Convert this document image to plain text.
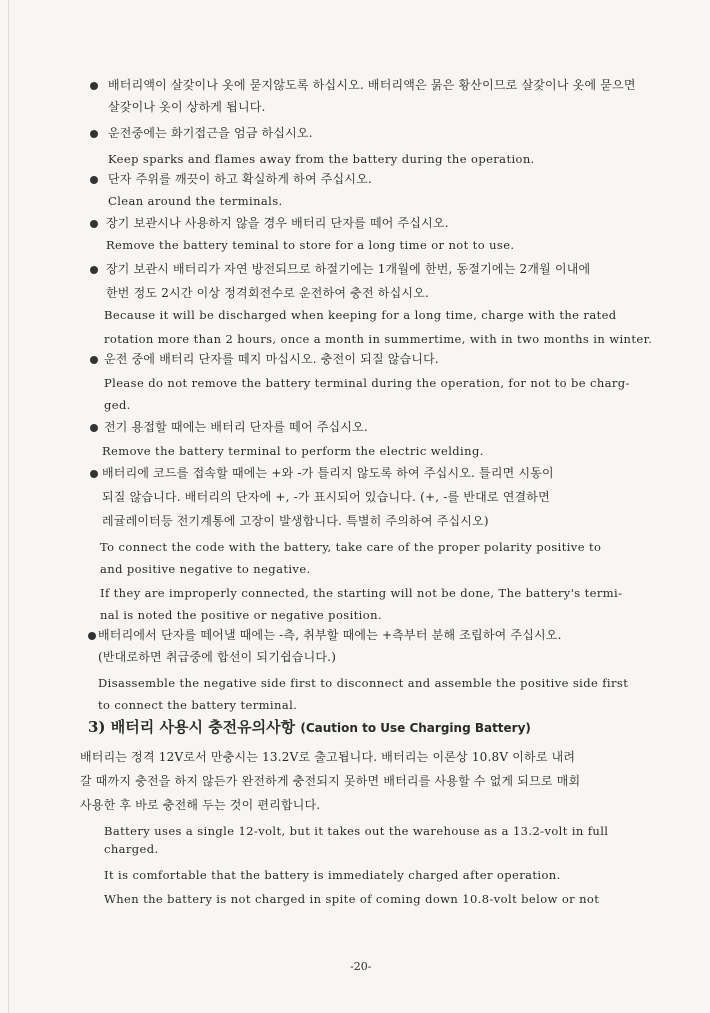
배터리액이 살갗이나 옷에 묻지않도록 하십시오. 배터리액은 묽은 황산이므로 살갗이나 옷에 묻으면
살갗이나 옷이 상하게 됩니다.
운전중에는 화기접근을 엄금 하십시오.
Keep sparks and flames away from the battery during the operation.
단자 주위를 깨끗이 하고 확실하게 하여 주십시오.
Clean around the terminals.
장기 보관시나 사용하지 않을 경우 배터리 단자를 떼어 주십시오.
Remove the battery teminal to store for a long time or not to use.
장기 보관시 배터리가 자연 방전되므로 하절기에는 1개월에 한번, 동절기에는 2개월 이내에
한번 정도 2시간 이상 정격회전수로 운전하여 충전 하십시오.
Because it will be discharged when keeping for a long time, charge with the rated
rotation more than 2 hours, once a month in summertime, with in two months in winter.
운전 중에 배터리 단자를 떼지 마십시오. 충전이 되질 않습니다.
Please do not remove the battery terminal during the operation, for not to be charg-
ged.
전기 용접할 때에는 배터리 단자를 떼어 주십시오.
Remove the battery terminal to perform the electric welding.
배터리에 코드를 접속할 때에는 +와 -가 틀리지 않도록 하여 주십시오. 틀리면 시동이
되질 않습니다. 배터리의 단자에 +, -가 표시되어 있습니다. (+, -를 반대로 연결하면
레귤레이터등 전기계통에 고장이 발생합니다. 특별히 주의하여 주십시오)
To connect the code with the battery, take care of the proper polarity positive to
and positive negative to negative.
If they are improperly connected, the starting will not be done, The battery's termi-
nal is noted the positive or negative position.
배터리에서 단자를 떼어낼 때에는 -측, 취부할 때에는 +측부터 분해 조립하여 주십시오.
(반대로하면 취급중에 합선이 되기쉽습니다.)
Disassemble the negative side first to disconnect and assemble the positive side first
to connect the battery terminal.
3) 배터리 사용시 충전유의사항 (Caution to Use Charging Battery)
배터리는 정격 12V로서 만충시는 13.2V로 출고됩니다. 배터리는 이론상 10.8V 이하로 내려
갈 때까지 충전을 하지 않든가 완전하게 충전되지 못하면 배터리를 사용할 수 없게 되므로 매회
사용한 후 바로 충전해 두는 것이 편리합니다.
Battery uses a single 12-volt, but it takes out the warehouse as a 13.2-volt in full
charged.
It is comfortable that the battery is immediately charged after operation.
When the battery is not charged in spite of coming down 10.8-volt below or not
-20-
